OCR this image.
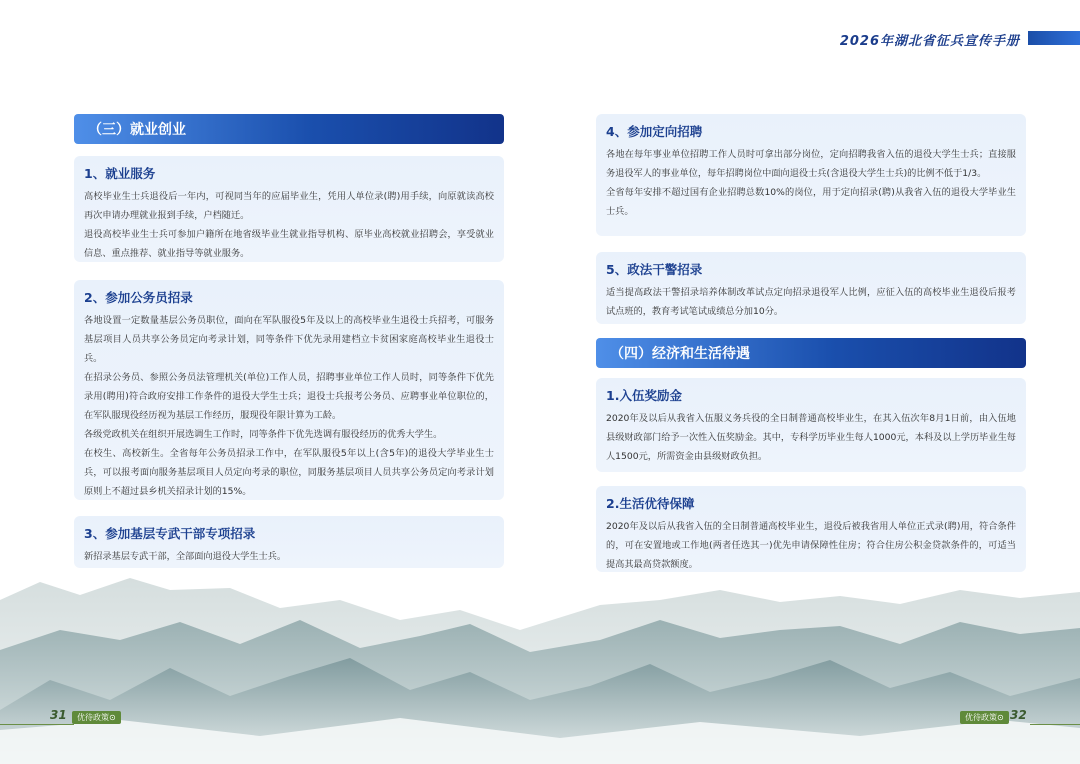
2026年湖北省征兵宣传手册
（三）就业创业
1、就业服务

高校毕业生士兵退役后一年内，可视同当年的应届毕业生，凭用人单位录(聘)用手续，向原就读高校再次申请办理就业报到手续，户档随迁。

退役高校毕业生士兵可参加户籍所在地省级毕业生就业指导机构、原毕业高校就业招聘会，享受就业信息、重点推荐、就业指导等就业服务。

2、参加公务员招录

各地设置一定数量基层公务员职位，面向在军队服役5年及以上的高校毕业生退役士兵招考，可服务基层项目人员共享公务员定向考录计划，同等条件下优先录用建档立卡贫困家庭高校毕业生退役士兵。

在招录公务员、参照公务员法管理机关(单位)工作人员，招聘事业单位工作人员时，同等条件下优先录用(聘用)符合政府安排工作条件的退役大学生士兵；退役士兵报考公务员、应聘事业单位职位的，在军队服现役经历视为基层工作经历，服现役年限计算为工龄。

各级党政机关在组织开展选调生工作时，同等条件下优先选调有服役经历的优秀大学生。

在校生、高校新生。全省每年公务员招录工作中，在军队服役5年以上(含5年)的退役大学毕业生士兵，可以报考面向服务基层项目人员定向考录的职位，同服务基层项目人员共享公务员定向考录计划原则上不超过县乡机关招录计划的15%。

3、参加基层专武干部专项招录

新招录基层专武干部，全部面向退役大学生士兵。

4、参加定向招聘

各地在每年事业单位招聘工作人员时可拿出部分岗位，定向招聘我省入伍的退役大学生士兵；直接服务退役军人的事业单位，每年招聘岗位中面向退役士兵(含退役大学生士兵)的比例不低于1/3。

全省每年安排不超过国有企业招聘总数10%的岗位，用于定向招录(聘)从我省入伍的退役大学毕业生士兵。

5、政法干警招录

适当提高政法干警招录培养体制改革试点定向招录退役军人比例，应征入伍的高校毕业生退役后报考试点班的，教育考试笔试成绩总分加10分。

（四）经济和生活待遇
1.入伍奖励金

2020年及以后从我省入伍服义务兵役的全日制普通高校毕业生，在其入伍次年8月1日前，由入伍地县级财政部门给予一次性入伍奖励金。其中，专科学历毕业生每人1000元，本科及以上学历毕业生每人1500元，所需资金由县级财政负担。

2.生活优待保障

2020年及以后从我省入伍的全日制普通高校毕业生，退役后被我省用人单位正式录(聘)用，符合条件的，可在安置地或工作地(两者任选其一)优先申请保障性住房；符合住房公积金贷款条件的，可适当提高其最高贷款额度。

31	优待政策⊙	优待政策⊙ 32
